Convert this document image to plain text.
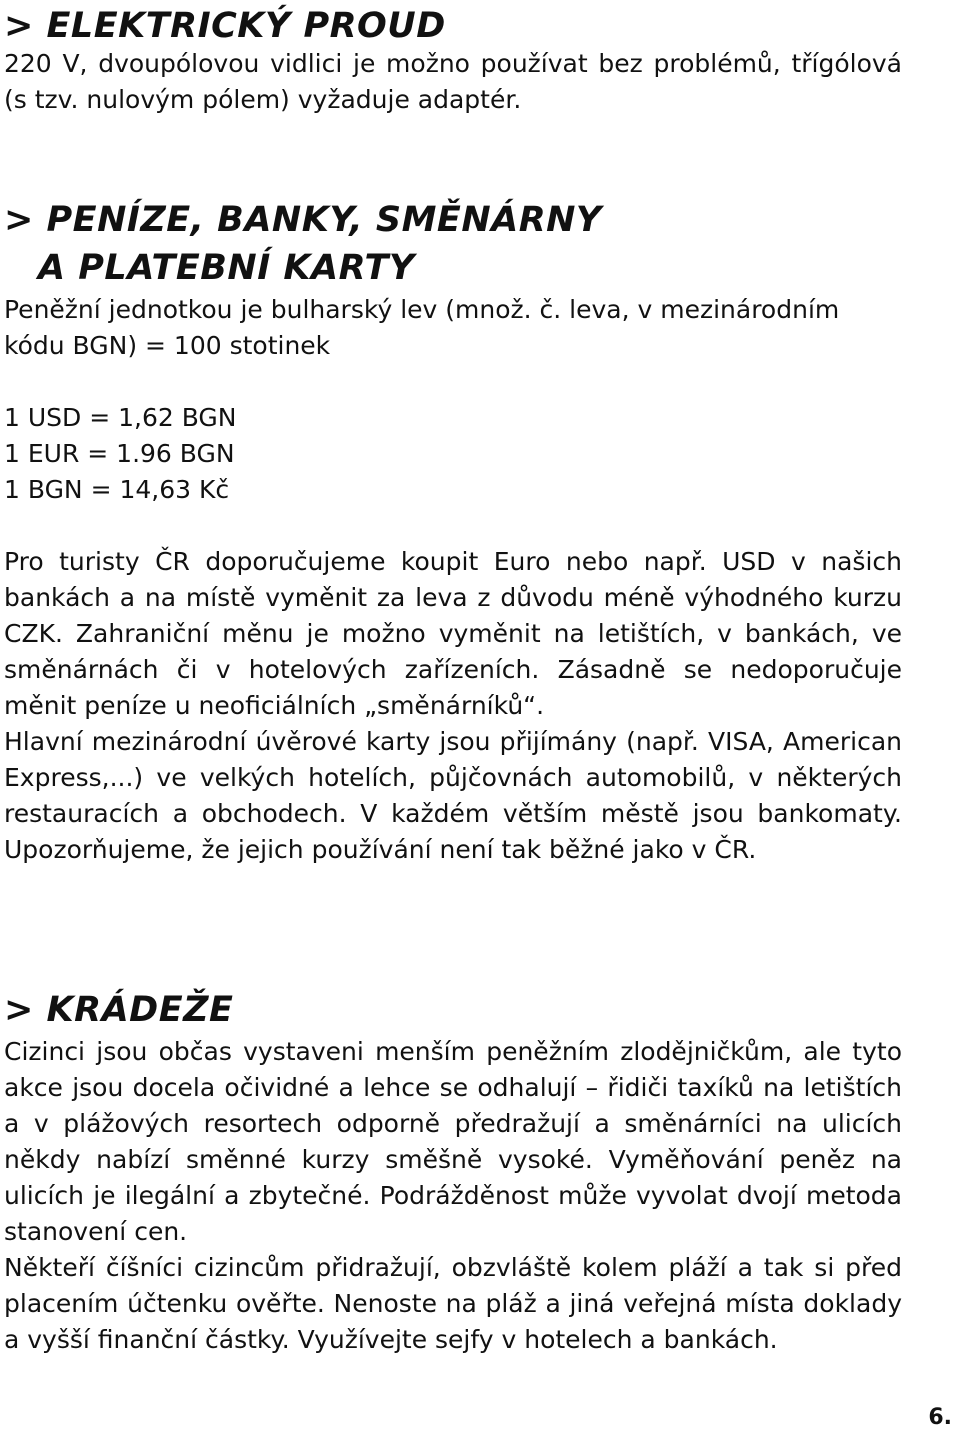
> ELEKTRICKÝ PROUD

220 V, dvoupólovou vidlici je možno používat bez problémů, třígólová (s tzv. nulovým pólem) vyžaduje adaptér.

> PENÍZE, BANKY, SMĚNÁRNY
A PLATEBNÍ KARTY

Peněžní jednotkou je bulharský lev (množ. č. leva, v mezinárodním kódu BGN) = 100 stotinek

1 USD = 1,62 BGN

1 EUR = 1.96 BGN

1 BGN = 14,63 Kč

Pro turisty ČR doporučujeme koupit Euro nebo např. USD v našich bankách a na místě vyměnit za leva z důvodu méně výhodného kurzu CZK. Zahraniční měnu je možno vyměnit na letištích, v bankách, ve směnárnách či v hotelových zařízeních. Zásadně se nedoporučuje měnit peníze u neoficiálních „směnárníků“.

Hlavní mezinárodní úvěrové karty jsou přijímány (např. VISA, American Express,...) ve velkých hotelích, půjčovnách automobilů, v některých restauracích a obchodech. V každém větším městě jsou bankomaty. Upozorňujeme, že jejich používání není tak běžné jako v ČR.

> KRÁDEŽE

Cizinci jsou občas vystaveni menším peněžním zlodějničkům, ale tyto akce jsou docela očividné a lehce se odhalují – řidiči taxíků na letištích a v plážových resortech odporně předražují a směnárníci na ulicích někdy nabízí směnné kurzy směšně vysoké. Vyměňování peněz na ulicích je ilegální a zbytečné. Podrážděnost může vyvolat dvojí metoda stanovení cen.

Někteří číšníci cizincům přidražují, obzvláště kolem pláží a tak si před placením účtenku ověřte. Nenoste na pláž a jiná veřejná místa doklady a vyšší finanční částky. Využívejte sejfy v hotelech a bankách.

6.
